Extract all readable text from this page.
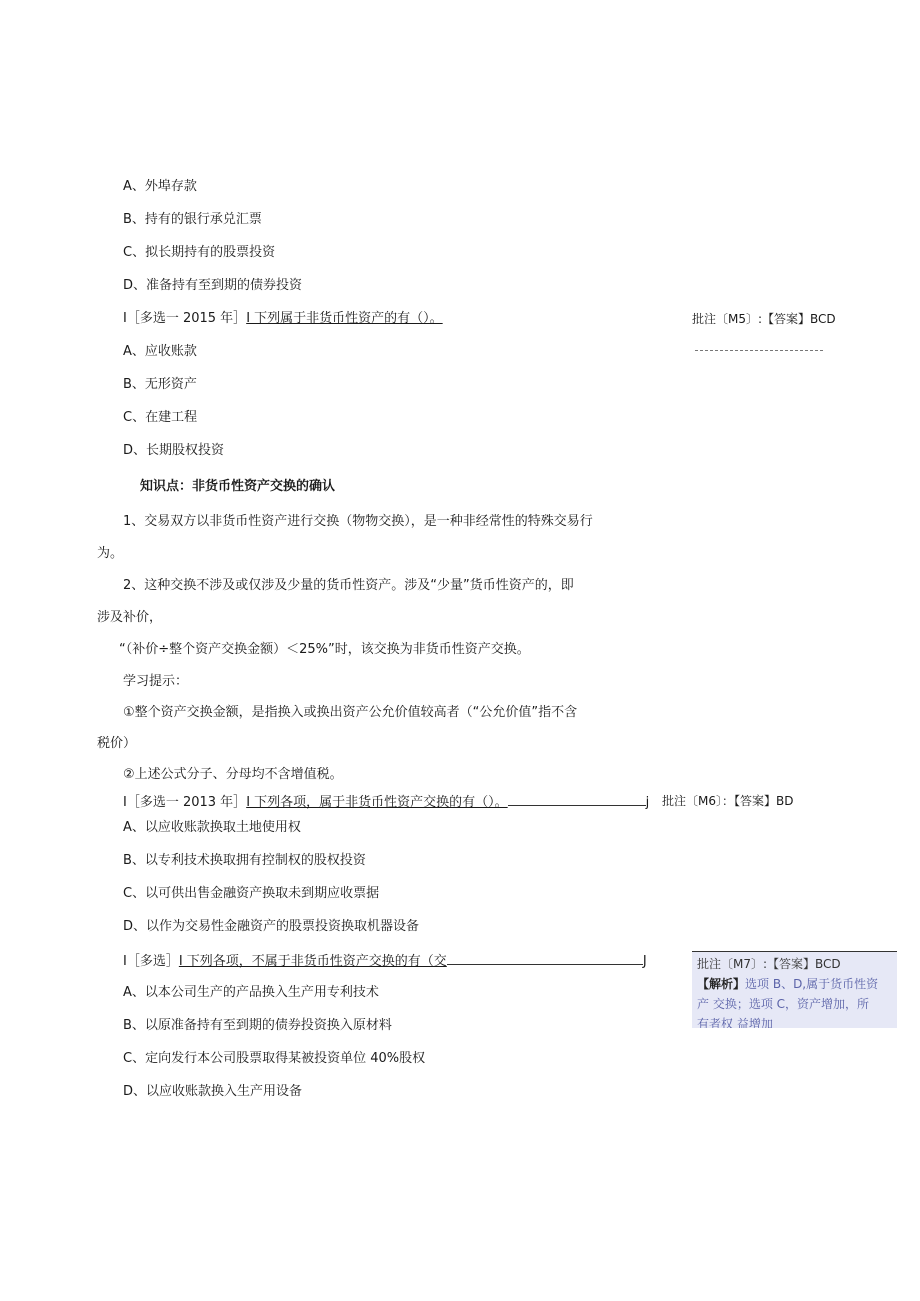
A、外埠存款
B、持有的银行承兑汇票
C、拟长期持有的股票投资
D、准备持有至到期的债券投资
I［多选一 2015 年］I 下列属于非货币性资产的有（）。	批注〔M5〕:【答案】BCD
A、应收账款
B、无形资产
C、在建工程
D、长期股权投资
知识点：非货币性资产交换的确认
1、交易双方以非货币性资产进行交换（物物交换），是一种非经常性的特殊交易行
为。
2、这种交换不涉及或仅涉及少量的货币性资产。涉及“少量”货币性资产的，即
涉及补价，
“（补价÷整个资产交换金额）＜25%”时，该交换为非货币性资产交换。
学习提示：
①整个资产交换金额，是指换入或换出资产公允价值较高者（“公允价值”指不含
税价）
②上述公式分子、分母均不含增值税。
I［多选一 2013 年］I 下列各项，属于非货币性资产交换的有（）。	j 批注〔M6〕：【答案】BD
A、以应收账款换取土地使用权
B、以专利技术换取拥有控制权的股权投资
C、以可供出售金融资产换取未到期应收票据
D、以作为交易性金融资产的股票投资换取机器设备
I［多选］I 下列各项，不属于非货币性资产交换的有（交	J	批注〔M7〕:【答案】BCD
【解析】选项 B、D,属于货币性资
产 交换；选项 C，资产增加，所
有者权 益增加
A、以本公司生产的产品换入生产用专利技术
B、以原准备持有至到期的债券投资换入原材料
C、定向发行本公司股票取得某被投资单位 40%股权
D、以应收账款换入生产用设备
